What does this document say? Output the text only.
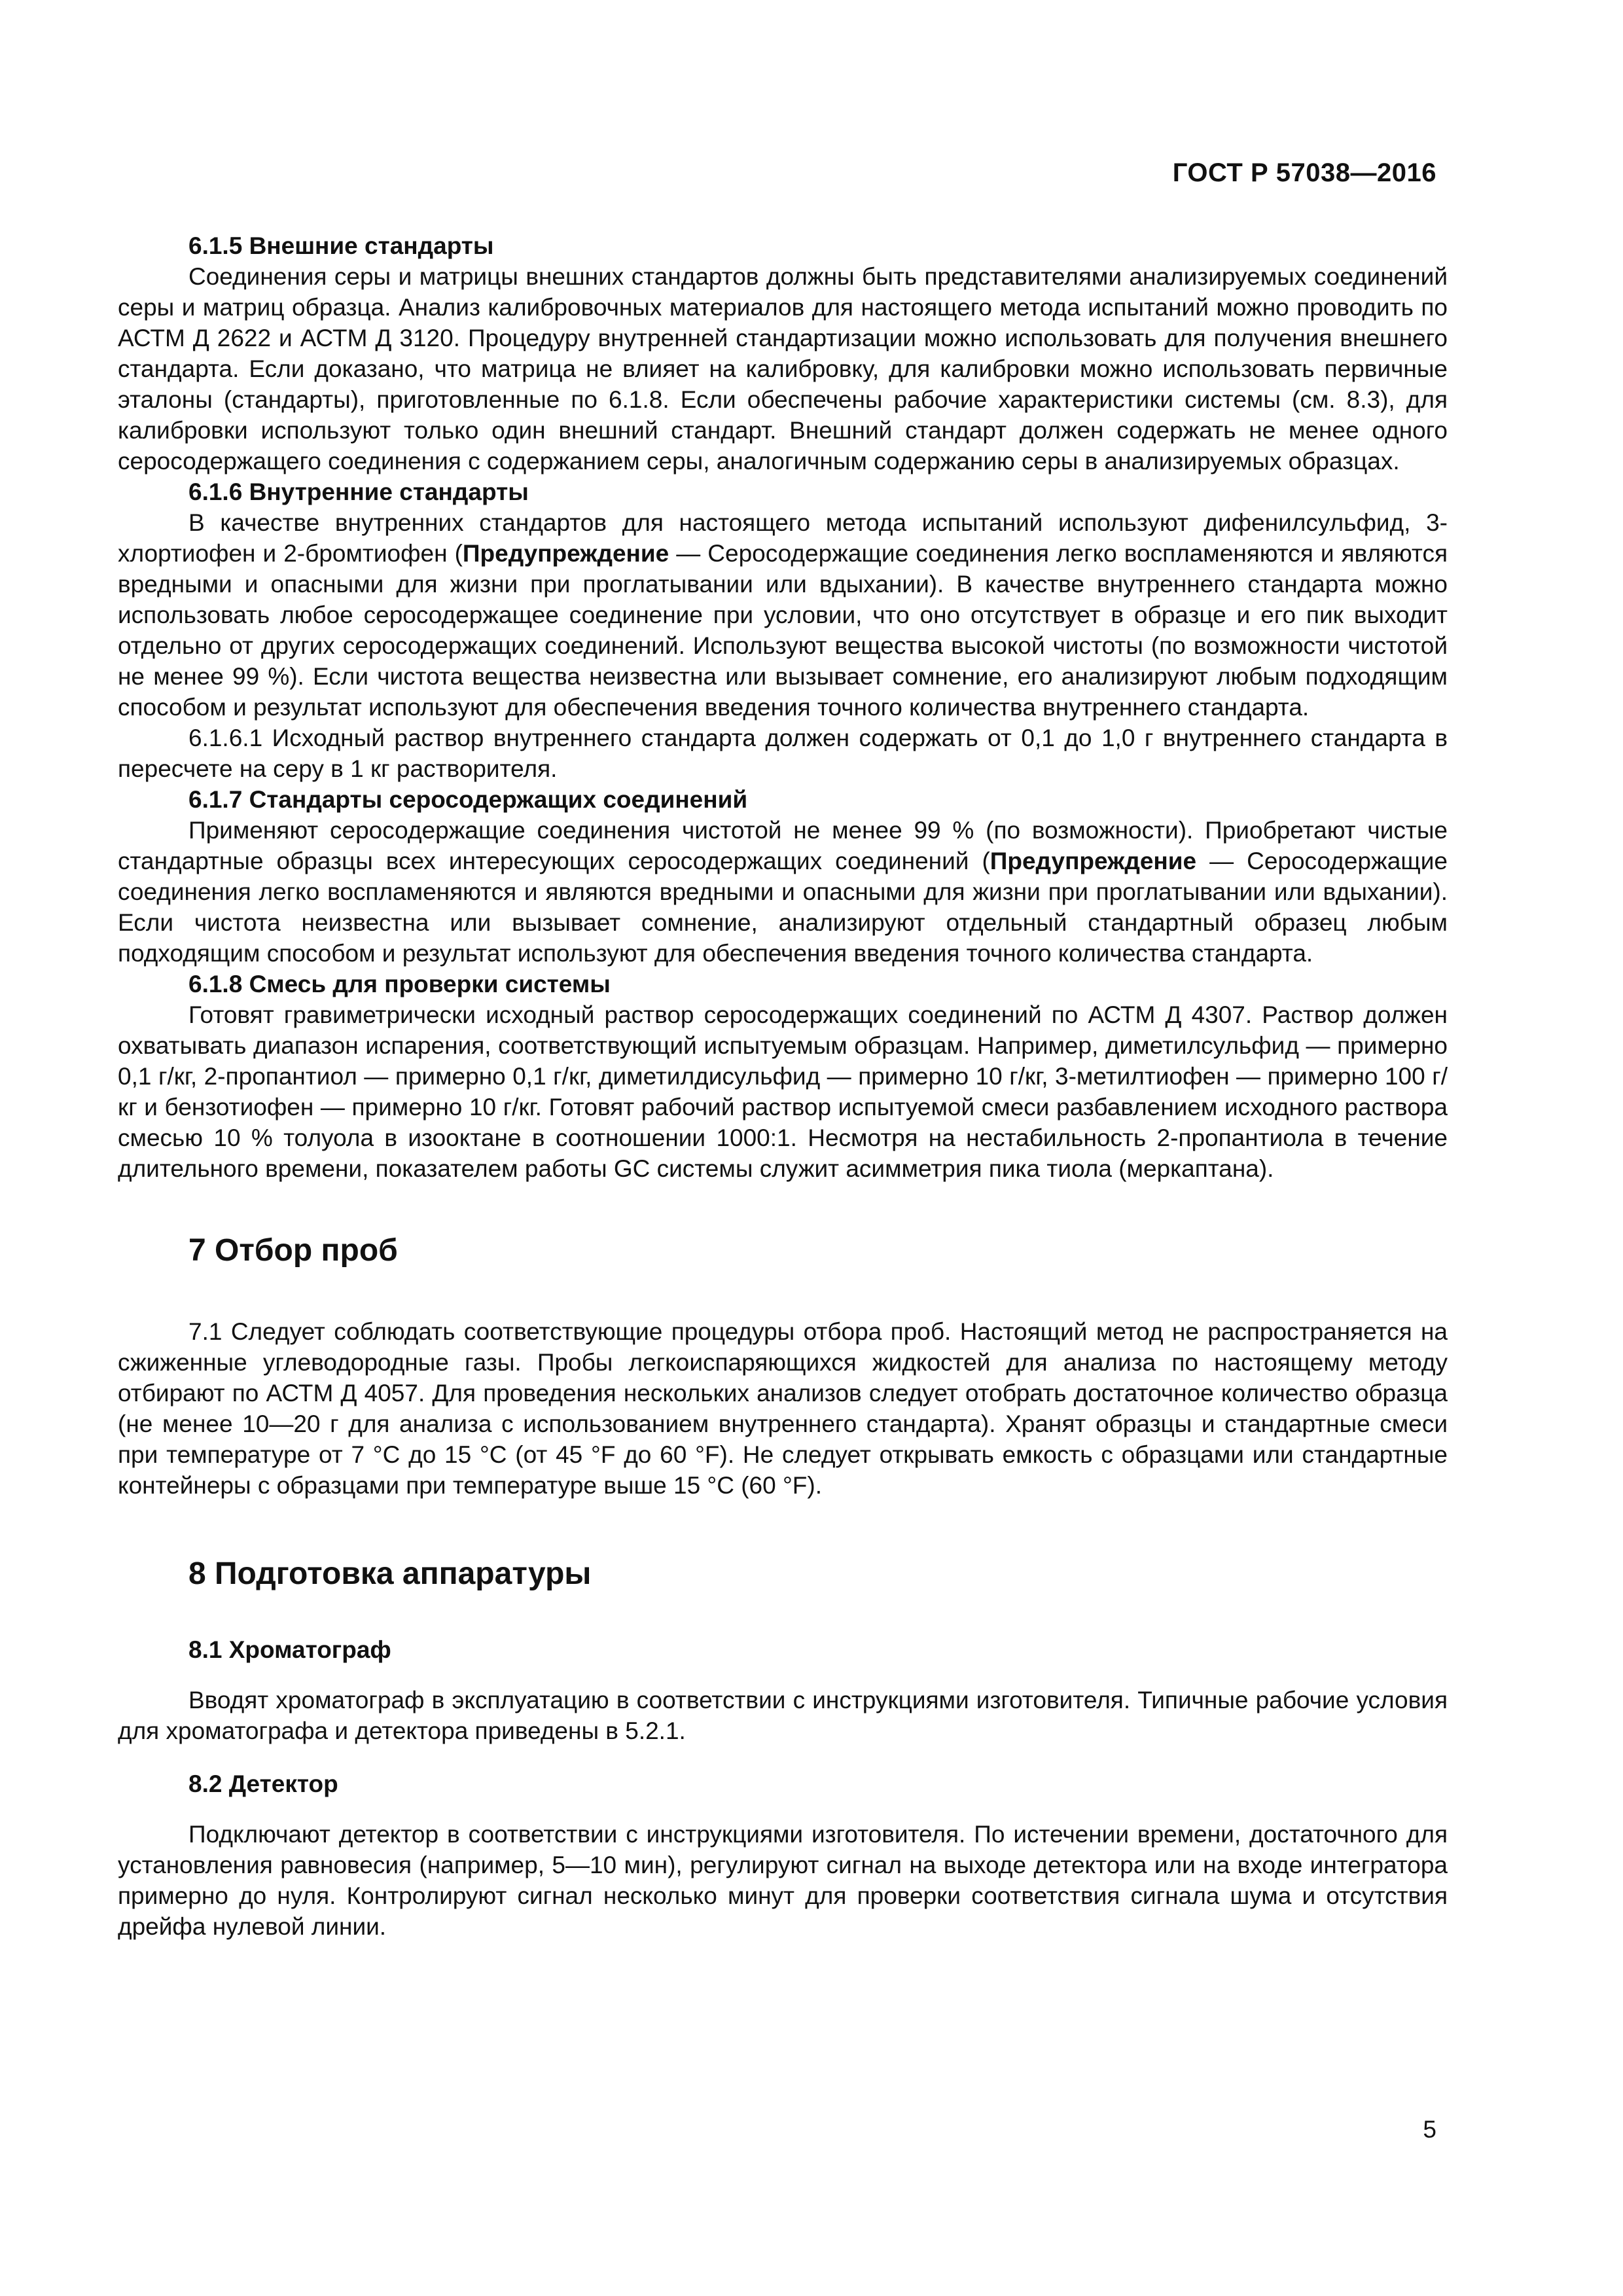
ГОСТ Р 57038—2016

6.1.5 Внешние стандарты

Соединения серы и матрицы внешних стандартов должны быть представителями анализируемых соединений серы и матриц образца. Анализ калибровочных материалов для настоящего метода испытаний можно проводить по АСТМ Д 2622 и АСТМ Д 3120. Процедуру внутренней стандартизации можно использовать для получения внешнего стандарта. Если доказано, что матрица не влияет на калибровку, для калибровки можно использовать первичные эталоны (стандарты), приготовленные по 6.1.8. Если обеспечены рабочие характеристики системы (см. 8.3), для калибровки используют только один внешний стандарт. Внешний стандарт должен содержать не менее одного серосодержащего соединения с содержанием серы, аналогичным содержанию серы в анализируемых образцах.

6.1.6 Внутренние стандарты

В качестве внутренних стандартов для настоящего метода испытаний используют дифенилсульфид, 3-хлортиофен и 2-бромтиофен (Предупреждение — Серосодержащие соединения легко воспламеняются и являются вредными и опасными для жизни при проглатывании или вдыхании). В качестве внутреннего стандарта можно использовать любое серосодержащее соединение при условии, что оно отсутствует в образце и его пик выходит отдельно от других серосодержащих соединений. Используют вещества высокой чистоты (по возможности чистотой не менее 99 %). Если чистота вещества неизвестна или вызывает сомнение, его анализируют любым подходящим способом и результат используют для обеспечения введения точного количества внутреннего стандарта.

6.1.6.1 Исходный раствор внутреннего стандарта должен содержать от 0,1 до 1,0 г внутреннего стандарта в пересчете на серу в 1 кг растворителя.

6.1.7 Стандарты серосодержащих соединений

Применяют серосодержащие соединения чистотой не менее 99 % (по возможности). Приобретают чистые стандартные образцы всех интересующих серосодержащих соединений (Предупреждение — Серосодержащие соединения легко воспламеняются и являются вредными и опасными для жизни при проглатывании или вдыхании). Если чистота неизвестна или вызывает сомнение, анализируют отдельный стандартный образец любым подходящим способом и результат используют для обеспечения введения точного количества стандарта.

6.1.8 Смесь для проверки системы

Готовят гравиметрически исходный раствор серосодержащих соединений по АСТМ Д 4307. Раствор должен охватывать диапазон испарения, соответствующий испытуемым образцам. Например, диметилсульфид — примерно 0,1 г/кг, 2-пропантиол — примерно 0,1 г/кг, диметилдисульфид — примерно 10 г/кг, 3-метилтиофен — примерно 100 г/кг и бензотиофен — примерно 10 г/кг. Готовят рабочий раствор испытуемой смеси разбавлением исходного раствора смесью 10 % толуола в изооктане в соотношении 1000:1. Несмотря на нестабильность 2-пропантиола в течение длительного времени, показателем работы GC системы служит асимметрия пика тиола (меркаптана).

7 Отбор проб

7.1 Следует соблюдать соответствующие процедуры отбора проб. Настоящий метод не распространяется на сжиженные углеводородные газы. Пробы легкоиспаряющихся жидкостей для анализа по настоящему методу отбирают по АСТМ Д 4057. Для проведения нескольких анализов следует отобрать достаточное количество образца (не менее 10—20 г для анализа с использованием внутреннего стандарта). Хранят образцы и стандартные смеси при температуре от 7 °С до 15 °С (от 45 °F до 60 °F). Не следует открывать емкость с образцами или стандартные контейнеры с образцами при температуре выше 15 °С (60 °F).

8 Подготовка аппаратуры

8.1 Хроматограф

Вводят хроматограф в эксплуатацию в соответствии с инструкциями изготовителя. Типичные рабочие условия для хроматографа и детектора приведены в 5.2.1.

8.2 Детектор

Подключают детектор в соответствии с инструкциями изготовителя. По истечении времени, достаточного для установления равновесия (например, 5—10 мин), регулируют сигнал на выходе детектора или на входе интегратора примерно до нуля. Контролируют сигнал несколько минут для проверки соответствия сигнала шума и отсутствия дрейфа нулевой линии.

5
